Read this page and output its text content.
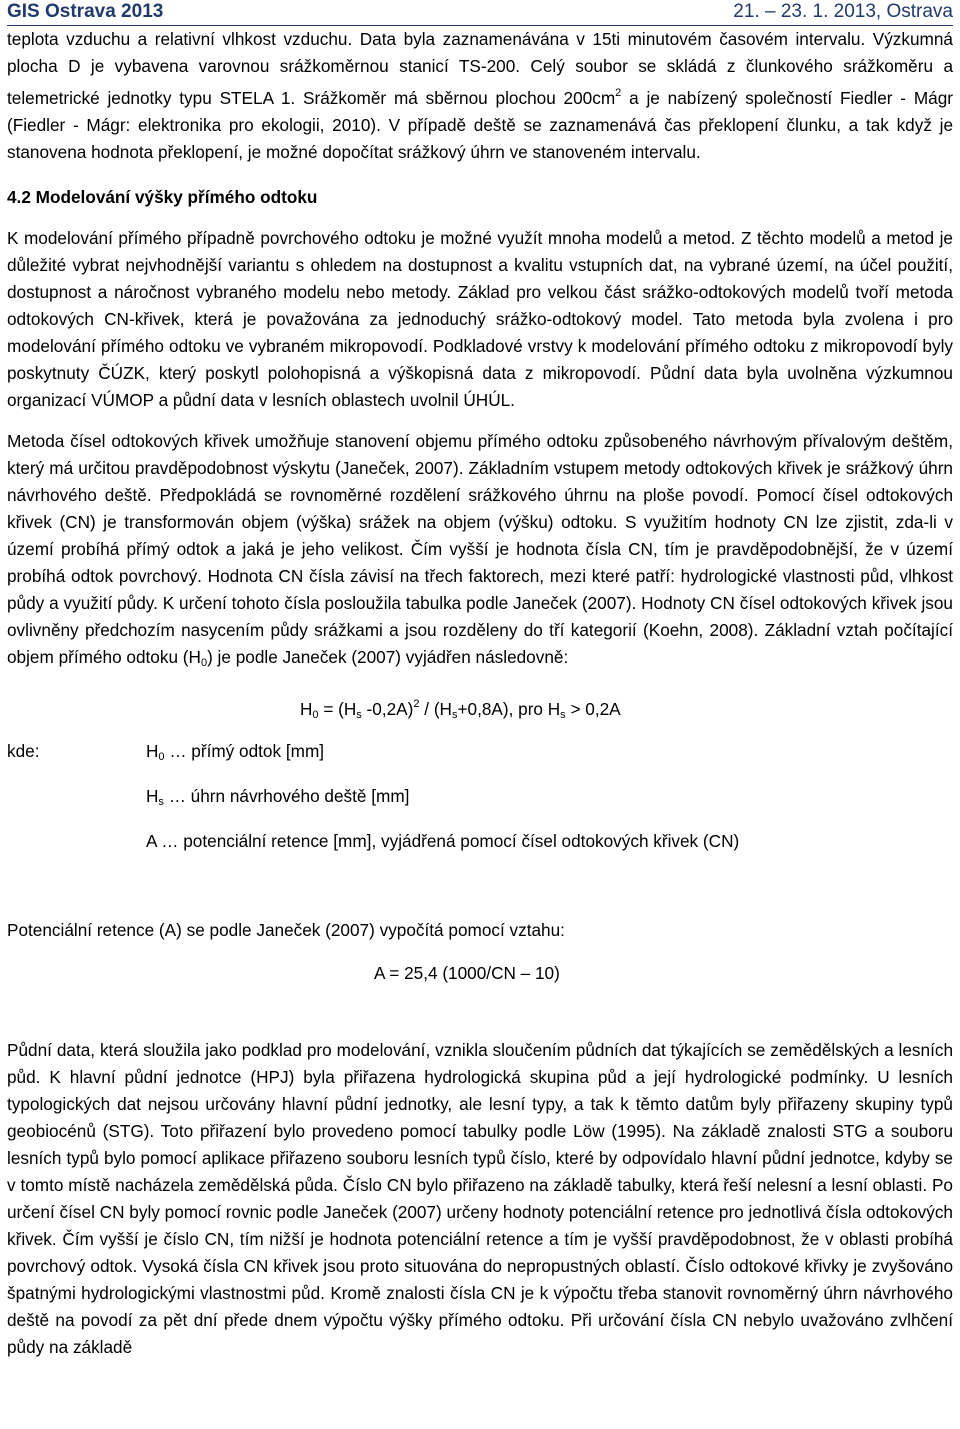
GIS Ostrava 2013	21. – 23. 1. 2013, Ostrava

teplota vzduchu a relativní vlhkost vzduchu. Data byla zaznamenávána v 15ti minutovém časovém intervalu. Výzkumná plocha D je vybavena varovnou srážkoměrnou stanicí TS-200. Celý soubor se skládá z člunkového srážkoměru a telemetrické jednotky typu STELA 1. Srážkoměr má sběrnou plochou $200cm^2$ a je nabízený společností Fiedler - Mágr (Fiedler - Mágr: elektronika pro ekologii, 2010). V případě deště se zaznamenává čas překlopení člunku, a tak když je stanovena hodnota překlopení, je možné dopočítat srážkový úhrn ve stanoveném intervalu.

4.2 Modelování výšky přímého odtoku

K modelování přímého případně povrchového odtoku je možné využít mnoha modelů a metod. Z těchto modelů a metod je důležité vybrat nejvhodnější variantu s ohledem na dostupnost a kvalitu vstupních dat, na vybrané území, na účel použití, dostupnost a náročnost vybraného modelu nebo metody. Základ pro velkou část srážko-odtokových modelů tvoří metoda odtokových CN-křivek, která je považována za jednoduchý srážko-odtokový model. Tato metoda byla zvolena i pro modelování přímého odtoku ve vybraném mikropovodí. Podkladové vrstvy k modelování přímého odtoku z mikropovodí byly poskytnuty ČÚZK, který poskytl polohopisná a výškopisná data z mikropovodí. Půdní data byla uvolněna výzkumnou organizací VÚMOP a půdní data v lesních oblastech uvolnil ÚHÚL.

Metoda čísel odtokových křivek umožňuje stanovení objemu přímého odtoku způsobeného návrhovým přívalovým deštěm, který má určitou pravděpodobnost výskytu (Janeček, 2007). Základním vstupem metody odtokových křivek je srážkový úhrn návrhového deště. Předpokládá se rovnoměrné rozdělení srážkového úhrnu na ploše povodí. Pomocí čísel odtokových křivek (CN) je transformován objem (výška) srážek na objem (výšku) odtoku. S využitím hodnoty CN lze zjistit, zda-li v území probíhá přímý odtok a jaká je jeho velikost. Čím vyšší je hodnota čísla CN, tím je pravděpodobnější, že v území probíhá odtok povrchový. Hodnota CN čísla závisí na třech faktorech, mezi které patří: hydrologické vlastnosti půd, vlhkost půdy a využití půdy. K určení tohoto čísla posloužila tabulka podle Janeček (2007). Hodnoty CN čísel odtokových křivek jsou ovlivněny předchozím nasycením půdy srážkami a jsou rozděleny do tří kategorií (Koehn, 2008). Základní vztah počítající objem přímého odtoku $(H_0)$ je podle Janeček (2007) vyjádřen následovně:

$H_0 = (H_s$ $-0,2A)^2 / (H_s+0,8A)$, pro $H_s > 0,2A$
kde:	$H_0$ … přímý odtok [mm]
$H_s$ … úhrn návrhového deště [mm]
A … potenciální retence [mm], vyjádřená pomocí čísel odtokových křivek (CN)

Potenciální retence (A) se podle Janeček (2007) vypočítá pomocí vztahu:

A = 25,4 (1000/CN – 10)

Půdní data, která sloužila jako podklad pro modelování, vznikla sloučením půdních dat týkajících se zemědělských a lesních půd. K hlavní půdní jednotce (HPJ) byla přiřazena hydrologická skupina půd a její hydrologické podmínky. U lesních typologických dat nejsou určovány hlavní půdní jednotky, ale lesní typy, a tak k těmto datům byly přiřazeny skupiny typů geobiocénů (STG). Toto přiřazení bylo provedeno pomocí tabulky podle Löw (1995). Na základě znalosti STG a souboru lesních typů bylo pomocí aplikace přiřazeno souboru lesních typů číslo, které by odpovídalo hlavní půdní jednotce, kdyby se v tomto místě nacházela zemědělská půda. Číslo CN bylo přiřazeno na základě tabulky, která řeší nelesní a lesní oblasti. Po určení čísel CN byly pomocí rovnic podle Janeček (2007) určeny hodnoty potenciální retence pro jednotlivá čísla odtokových křivek. Čím vyšší je číslo CN, tím nižší je hodnota potenciální retence a tím je vyšší pravděpodobnost, že v oblasti probíhá povrchový odtok. Vysoká čísla CN křivek jsou proto situována do nepropustných oblastí. Číslo odtokové křivky je zvyšováno špatnými hydrologickými vlastnostmi půd. Kromě znalosti čísla CN je k výpočtu třeba stanovit rovnoměrný úhrn návrhového deště na povodí za pět dní přede dnem výpočtu výšky přímého odtoku. Při určování čísla CN nebylo uvažováno zvlhčení půdy na základě
